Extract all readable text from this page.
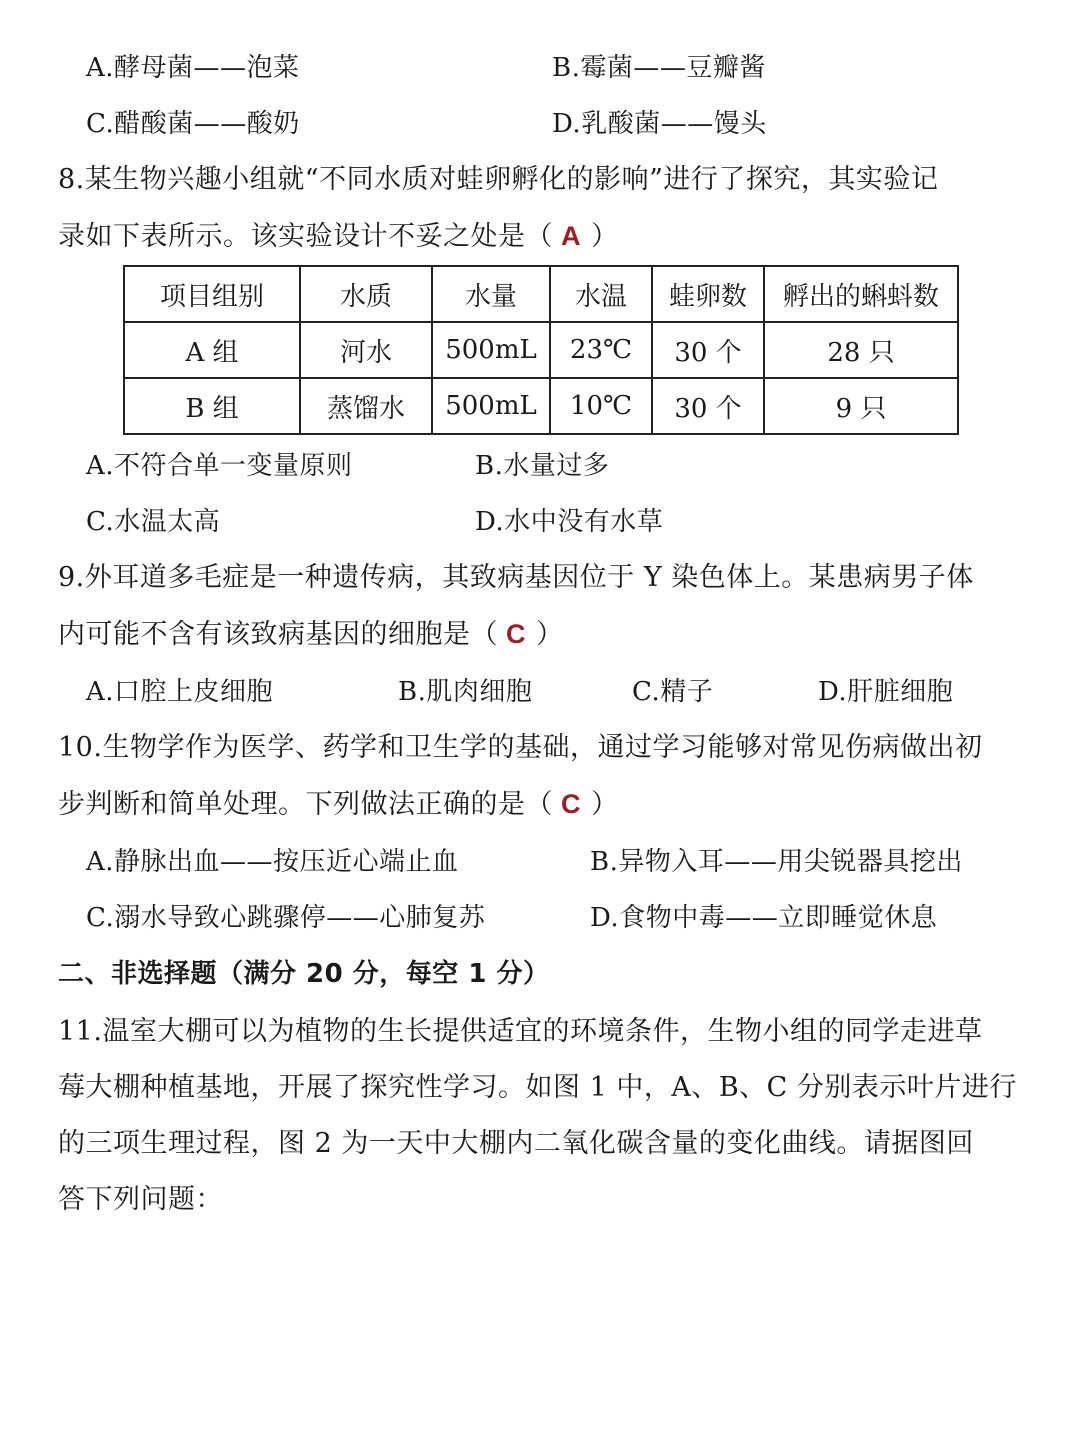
A.酵母菌——泡菜	B.霉菌——豆瓣酱
C.醋酸菌——酸奶	D.乳酸菌——馒头
8.某生物兴趣小组就“不同水质对蛙卵孵化的影响”进行了探究，其实验记
录如下表所示。该实验设计不妥之处是（ A ）
项目组别	水质	水量	水温	蛙卵数	孵出的蝌蚪数
A 组	河水	500mL	23℃	30 个	28 只
B 组	蒸馏水	500mL	10℃	30 个	9 只
A.不符合单一变量原则	B.水量过多
C.水温太高	D.水中没有水草
9.外耳道多毛症是一种遗传病，其致病基因位于 Y 染色体上。某患病男子体
内可能不含有该致病基因的细胞是（ C ）
A.口腔上皮细胞	B.肌肉细胞	C.精子	D.肝脏细胞
10.生物学作为医学、药学和卫生学的基础，通过学习能够对常见伤病做出初
步判断和简单处理。下列做法正确的是（ C ）
A.静脉出血——按压近心端止血	B.异物入耳——用尖锐器具挖出
C.溺水导致心跳骤停——心肺复苏	D.食物中毒——立即睡觉休息
二、非选择题（满分 20 分，每空 1 分）
11.温室大棚可以为植物的生长提供适宜的环境条件，生物小组的同学走进草
莓大棚种植基地，开展了探究性学习。如图 1 中，A、B、C 分别表示叶片进行
的三项生理过程，图 2 为一天中大棚内二氧化碳含量的变化曲线。请据图回
答下列问题：
